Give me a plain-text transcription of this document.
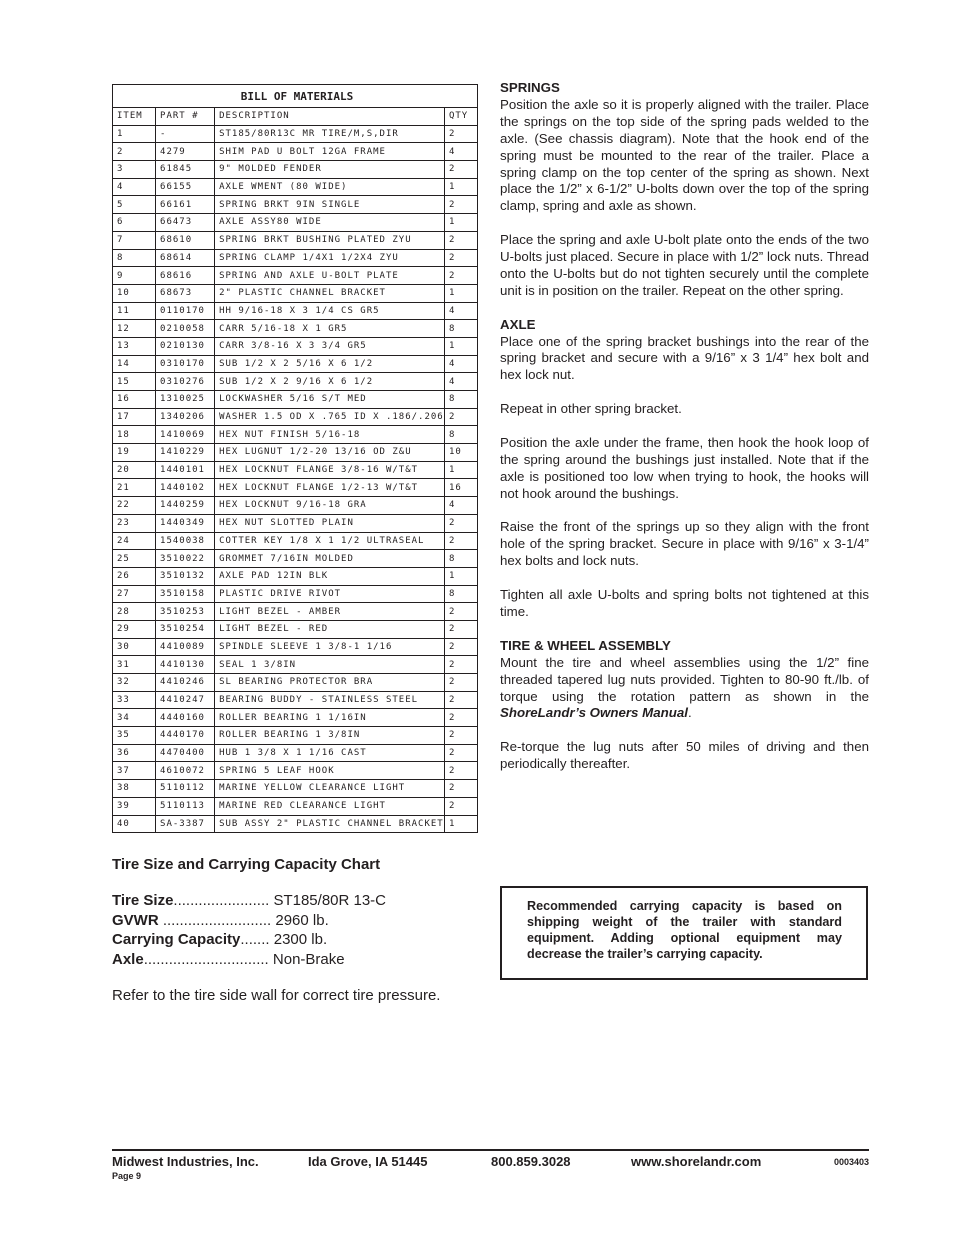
BILL OF MATERIALS			
ITEM	PART #	DESCRIPTION	QTY
1	-	ST185/80R13C MR TIRE/M,S,DIR	2
2	4279	SHIM PAD U BOLT 12GA FRAME	4
3	61845	9" MOLDED FENDER	2
4	66155	AXLE WMENT (80 WIDE)	1
5	66161	SPRING BRKT 9IN SINGLE	2
6	66473	AXLE ASSY80 WIDE	1
7	68610	SPRING BRKT BUSHING PLATED ZYU	2
8	68614	SPRING CLAMP 1/4X1 1/2X4 ZYU	2
9	68616	SPRING AND AXLE U-BOLT PLATE	2
10	68673	2" PLASTIC CHANNEL BRACKET	1
11	0110170	HH 9/16-18 X 3 1/4 CS GR5	4
12	0210058	CARR 5/16-18 X 1 GR5	8
13	0210130	CARR 3/8-16 X 3 3/4 GR5	1
14	0310170	SUB 1/2 X 2 5/16 X 6 1/2	4
15	0310276	SUB 1/2 X 2 9/16 X 6 1/2	4
16	1310025	LOCKWASHER 5/16 S/T MED	8
17	1340206	WASHER 1.5 OD X .765 ID X .186/.206	2
18	1410069	HEX NUT FINISH 5/16-18	8
19	1410229	HEX LUGNUT 1/2-20 13/16 OD Z&U	10
20	1440101	HEX LOCKNUT FLANGE 3/8-16 W/T&T	1
21	1440102	HEX LOCKNUT FLANGE 1/2-13 W/T&T	16
22	1440259	HEX LOCKNUT 9/16-18 GRA	4
23	1440349	HEX NUT SLOTTED PLAIN	2
24	1540038	COTTER KEY 1/8 X 1 1/2 ULTRASEAL	2
25	3510022	GROMMET 7/16IN MOLDED	8
26	3510132	AXLE PAD 12IN BLK	1
27	3510158	PLASTIC DRIVE RIVOT	8
28	3510253	LIGHT BEZEL - AMBER	2
29	3510254	LIGHT BEZEL - RED	2
30	4410089	SPINDLE SLEEVE 1 3/8-1 1/16	2
31	4410130	SEAL 1 3/8IN	2
32	4410246	SL BEARING PROTECTOR BRA	2
33	4410247	BEARING BUDDY - STAINLESS STEEL	2
34	4440160	ROLLER BEARING 1 1/16IN	2
35	4440170	ROLLER BEARING 1 3/8IN	2
36	4470400	HUB 1 3/8 X 1 1/16 CAST	2
37	4610072	SPRING 5 LEAF HOOK	2
38	5110112	MARINE YELLOW CLEARANCE LIGHT	2
39	5110113	MARINE RED CLEARANCE LIGHT	2
40	SA-3387	SUB ASSY 2" PLASTIC CHANNEL BRACKET	1
SPRINGS

Position the axle so it is properly aligned with the trailer. Place the springs on the top side of the spring pads welded to the axle. (See chassis diagram). Note that the hook end of the spring must be mounted to the rear of the trailer. Place a spring clamp on the top center of the spring as shown. Next place the 1/2” x 6-1/2” U-bolts down over the top of the spring clamp, spring and axle as shown.

Place the spring and axle U-bolt plate onto the ends of the two U-bolts just placed. Secure in place with 1/2” lock nuts. Thread onto the U-bolts but do not tighten securely until the complete unit is in position on the trailer. Repeat on the other spring.

AXLE

Place one of the spring bracket bushings into the rear of the spring bracket and secure with a 9/16” x 3 1/4” hex bolt and hex lock nut.

Repeat in other spring bracket.

Position the axle under the frame, then hook the hook loop of the spring around the bushings just installed. Note that if the axle is positioned too low when trying to hook, the hooks will not hook around the bushings.

Raise the front of the springs up so they align with the front hole of the spring bracket. Secure in place with 9/16” x 3-1/4” hex bolts and lock nuts.

Tighten all axle U-bolts and spring bolts not tightened at this time.

TIRE & WHEEL ASSEMBLY

Mount the tire and wheel assemblies using the 1/2” fine threaded tapered lug nuts provided. Tighten to 80-90 ft./lb. of torque using the rotation pattern as shown in the ShoreLandr’s Owners Manual.

Re-torque the lug nuts after 50 miles of driving and then periodically thereafter.

Tire Size and Carrying Capacity Chart
Tire Size....................... ST185/80R 13-C
GVWR .......................... 2960 lb.
Carrying Capacity....... 2300 lb.
Axle.............................. Non-Brake
Refer to the tire side wall for correct tire pressure.
Recommended carrying capacity is based on shipping weight of the trailer with standard equipment. Adding optional equipment may decrease the trailer’s carrying capacity.
Midwest Industries, Inc.	Ida Grove, IA 51445	800.859.3028	www.shorelandr.com	0003403
Page 9
